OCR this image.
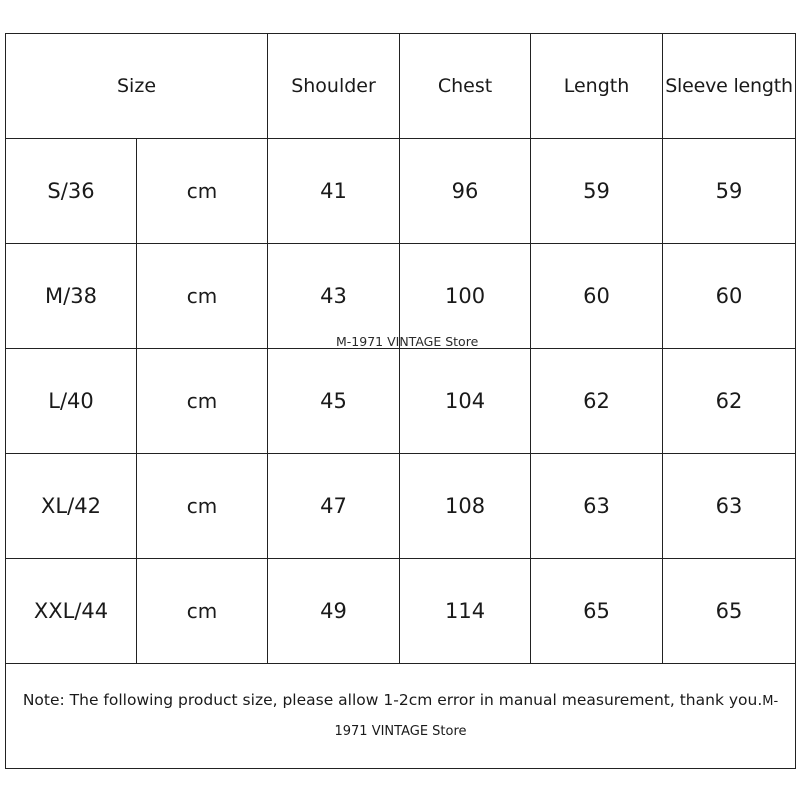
Size		Shoulder	Chest	Length	Sleeve length
S/36	cm	41	96	59	59
M/38	cm	43	100	60	60
L/40	cm	45	104	62	62
XL/42	cm	47	108	63	63
XXL/44	cm	49	114	65	65
Note: The following product size, please allow 1-2cm error in manual measurement, thank you.M-1971 VINTAGE Store					
M-1971 VINTAGE Store
